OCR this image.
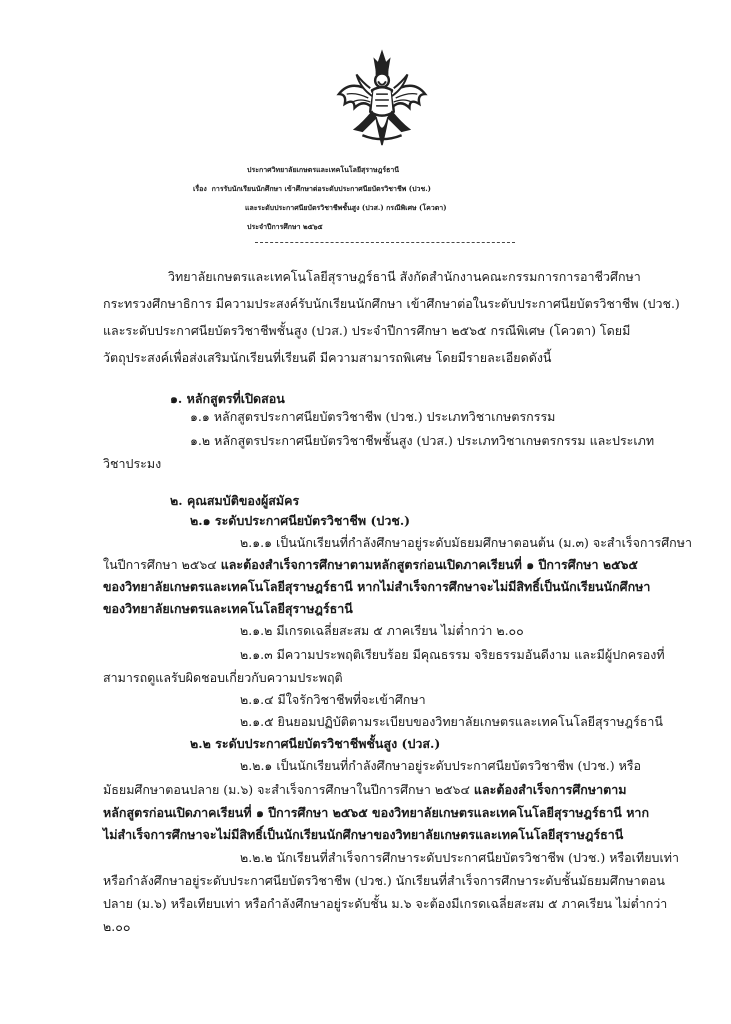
ประกาศวิทยาลัยเกษตรและเทคโนโลยีสุราษฎร์ธานี
เรื่อง การรับนักเรียนนักศึกษา เข้าศึกษาต่อระดับประกาศนียบัตรวิชาชีพ (ปวช.)
และระดับประกาศนียบัตรวิชาชีพชั้นสูง (ปวส.) กรณีพิเศษ (โควตา)
ประจำปีการศึกษา ๒๕๖๕
วิทยาลัยเกษตรและเทคโนโลยีสุราษฎร์ธานี สังกัดสำนักงานคณะกรรมการการอาชีวศึกษา
กระทรวงศึกษาธิการ มีความประสงค์รับนักเรียนนักศึกษา เข้าศึกษาต่อในระดับประกาศนียบัตรวิชาชีพ (ปวช.)
และระดับประกาศนียบัตรวิชาชีพชั้นสูง (ปวส.) ประจำปีการศึกษา ๒๕๖๕ กรณีพิเศษ (โควตา) โดยมี
วัตถุประสงค์เพื่อส่งเสริมนักเรียนที่เรียนดี มีความสามารถพิเศษ โดยมีรายละเอียดดังนี้
๑. หลักสูตรที่เปิดสอน
๑.๑ หลักสูตรประกาศนียบัตรวิชาชีพ (ปวช.) ประเภทวิชาเกษตรกรรม
๑.๒ หลักสูตรประกาศนียบัตรวิชาชีพชั้นสูง (ปวส.) ประเภทวิชาเกษตรกรรม และประเภท
วิชาประมง
๒. คุณสมบัติของผู้สมัคร
๒.๑ ระดับประกาศนียบัตรวิชาชีพ (ปวช.)
๒.๑.๑ เป็นนักเรียนที่กำลังศึกษาอยู่ระดับมัธยมศึกษาตอนต้น (ม.๓) จะสำเร็จการศึกษา
ในปีการศึกษา ๒๕๖๔ และต้องสำเร็จการศึกษาตามหลักสูตรก่อนเปิดภาคเรียนที่ ๑ ปีการศึกษา ๒๕๖๕
ของวิทยาลัยเกษตรและเทคโนโลยีสุราษฎร์ธานี หากไม่สำเร็จการศึกษาจะไม่มีสิทธิ์เป็นนักเรียนนักศึกษา
ของวิทยาลัยเกษตรและเทคโนโลยีสุราษฎร์ธานี
๒.๑.๒ มีเกรดเฉลี่ยสะสม ๕ ภาคเรียน ไม่ต่ำกว่า ๒.๐๐
๒.๑.๓ มีความประพฤติเรียบร้อย มีคุณธรรม จริยธรรมอันดีงาม และมีผู้ปกครองที่
สามารถดูแลรับผิดชอบเกี่ยวกับความประพฤติ
๒.๑.๔ มีใจรักวิชาชีพที่จะเข้าศึกษา
๒.๑.๕ ยินยอมปฏิบัติตามระเบียบของวิทยาลัยเกษตรและเทคโนโลยีสุราษฎร์ธานี
๒.๒ ระดับประกาศนียบัตรวิชาชีพชั้นสูง (ปวส.)
๒.๒.๑ เป็นนักเรียนที่กำลังศึกษาอยู่ระดับประกาศนียบัตรวิชาชีพ (ปวช.) หรือ
มัธยมศึกษาตอนปลาย (ม.๖) จะสำเร็จการศึกษาในปีการศึกษา ๒๕๖๔ และต้องสำเร็จการศึกษาตาม
หลักสูตรก่อนเปิดภาคเรียนที่ ๑ ปีการศึกษา ๒๕๖๕ ของวิทยาลัยเกษตรและเทคโนโลยีสุราษฎร์ธานี หาก
ไม่สำเร็จการศึกษาจะไม่มีสิทธิ์เป็นนักเรียนนักศึกษาของวิทยาลัยเกษตรและเทคโนโลยีสุราษฎร์ธานี
๒.๒.๒ นักเรียนที่สำเร็จการศึกษาระดับประกาศนียบัตรวิชาชีพ (ปวช.) หรือเทียบเท่า
หรือกำลังศึกษาอยู่ระดับประกาศนียบัตรวิชาชีพ (ปวช.) นักเรียนที่สำเร็จการศึกษาระดับชั้นมัธยมศึกษาตอน
ปลาย (ม.๖) หรือเทียบเท่า หรือกำลังศึกษาอยู่ระดับชั้น ม.๖ จะต้องมีเกรดเฉลี่ยสะสม ๕ ภาคเรียน ไม่ต่ำกว่า
๒.๐๐
